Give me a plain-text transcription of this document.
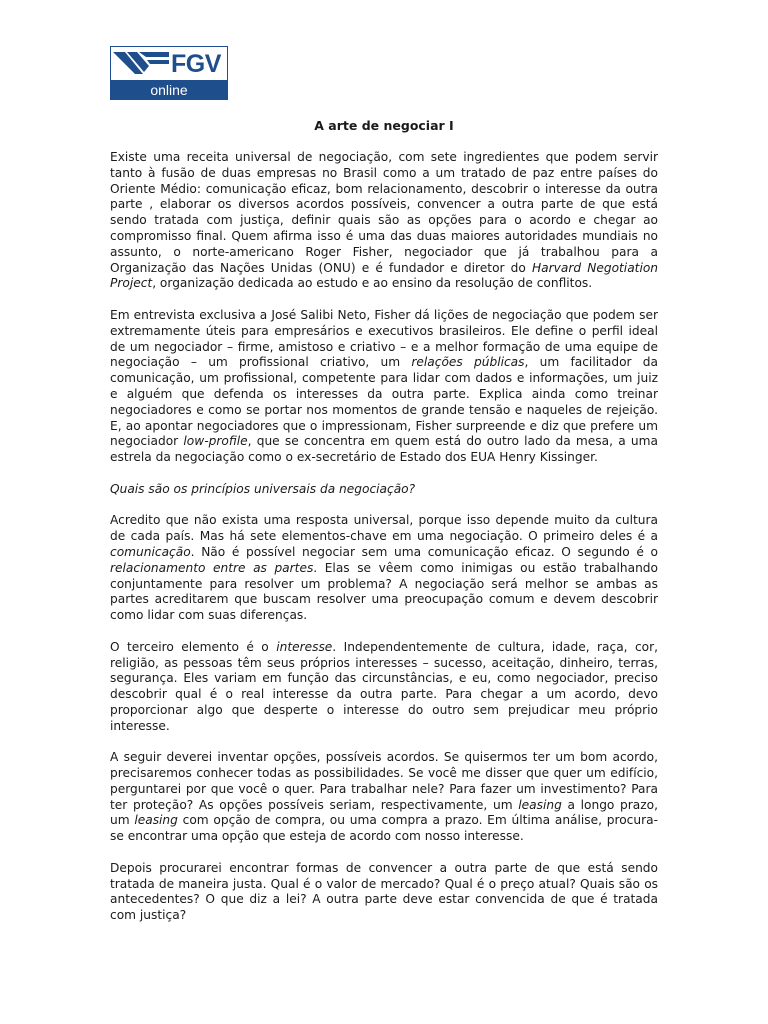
FGV
online
A arte de negociar I

Existe uma receita universal de negociação, com sete ingredientes que podem servir tanto à fusão de duas empresas no Brasil como a um tratado de paz entre países do Oriente Médio: comunicação eficaz, bom relacionamento, descobrir o interesse da outra parte , elaborar os diversos acordos possíveis, convencer a outra parte de que está sendo tratada com justiça, definir quais são as opções para o acordo e chegar ao compromisso final. Quem afirma isso é uma das duas maiores autoridades mundiais no assunto, o norte-americano Roger Fisher, negociador que já trabalhou para a Organização das Nações Unidas (ONU) e é fundador e diretor do Harvard Negotiation Project, organização dedicada ao estudo e ao ensino da resolução de conflitos.

Em entrevista exclusiva a José Salibi Neto, Fisher dá lições de negociação que podem ser extremamente úteis para empresários e executivos brasileiros. Ele define o perfil ideal de um negociador – firme, amistoso e criativo – e a melhor formação de uma equipe de negociação – um profissional criativo, um relações públicas, um facilitador da comunicação, um profissional, competente para lidar com dados e informações, um juiz e alguém que defenda os interesses da outra parte. Explica ainda como treinar negociadores e como se portar nos momentos de grande tensão e naqueles de rejeição. E, ao apontar negociadores que o impressionam, Fisher surpreende e diz que prefere um negociador low-profile, que se concentra em quem está do outro lado da mesa, a uma estrela da negociação como o ex-secretário de Estado dos EUA Henry Kissinger.

Quais são os princípios universais da negociação?

Acredito que não exista uma resposta universal, porque isso depende muito da cultura de cada país. Mas há sete elementos-chave em uma negociação. O primeiro deles é a comunicação. Não é possível negociar sem uma comunicação eficaz. O segundo é o relacionamento entre as partes. Elas se vêem como inimigas ou estão trabalhando conjuntamente para resolver um problema? A negociação será melhor se ambas as partes acreditarem que buscam resolver uma preocupação comum e devem descobrir como lidar com suas diferenças.

O terceiro elemento é o interesse. Independentemente de cultura, idade, raça, cor, religião, as pessoas têm seus próprios interesses – sucesso, aceitação, dinheiro, terras, segurança. Eles variam em função das circunstâncias, e eu, como negociador, preciso descobrir qual é o real interesse da outra parte. Para chegar a um acordo, devo proporcionar algo que desperte o interesse do outro sem prejudicar meu próprio interesse.

A seguir deverei inventar opções, possíveis acordos. Se quisermos ter um bom acordo, precisaremos conhecer todas as possibilidades. Se você me disser que quer um edifício, perguntarei por que você o quer. Para trabalhar nele? Para fazer um investimento? Para ter proteção? As opções possíveis seriam, respectivamente, um leasing a longo prazo, um leasing com opção de compra, ou uma compra a prazo. Em última análise, procura-se encontrar uma opção que esteja de acordo com nosso interesse.

Depois procurarei encontrar formas de convencer a outra parte de que está sendo tratada de maneira justa. Qual é o valor de mercado? Qual é o preço atual? Quais são os antecedentes? O que diz a lei? A outra parte deve estar convencida de que é tratada com justiça?
